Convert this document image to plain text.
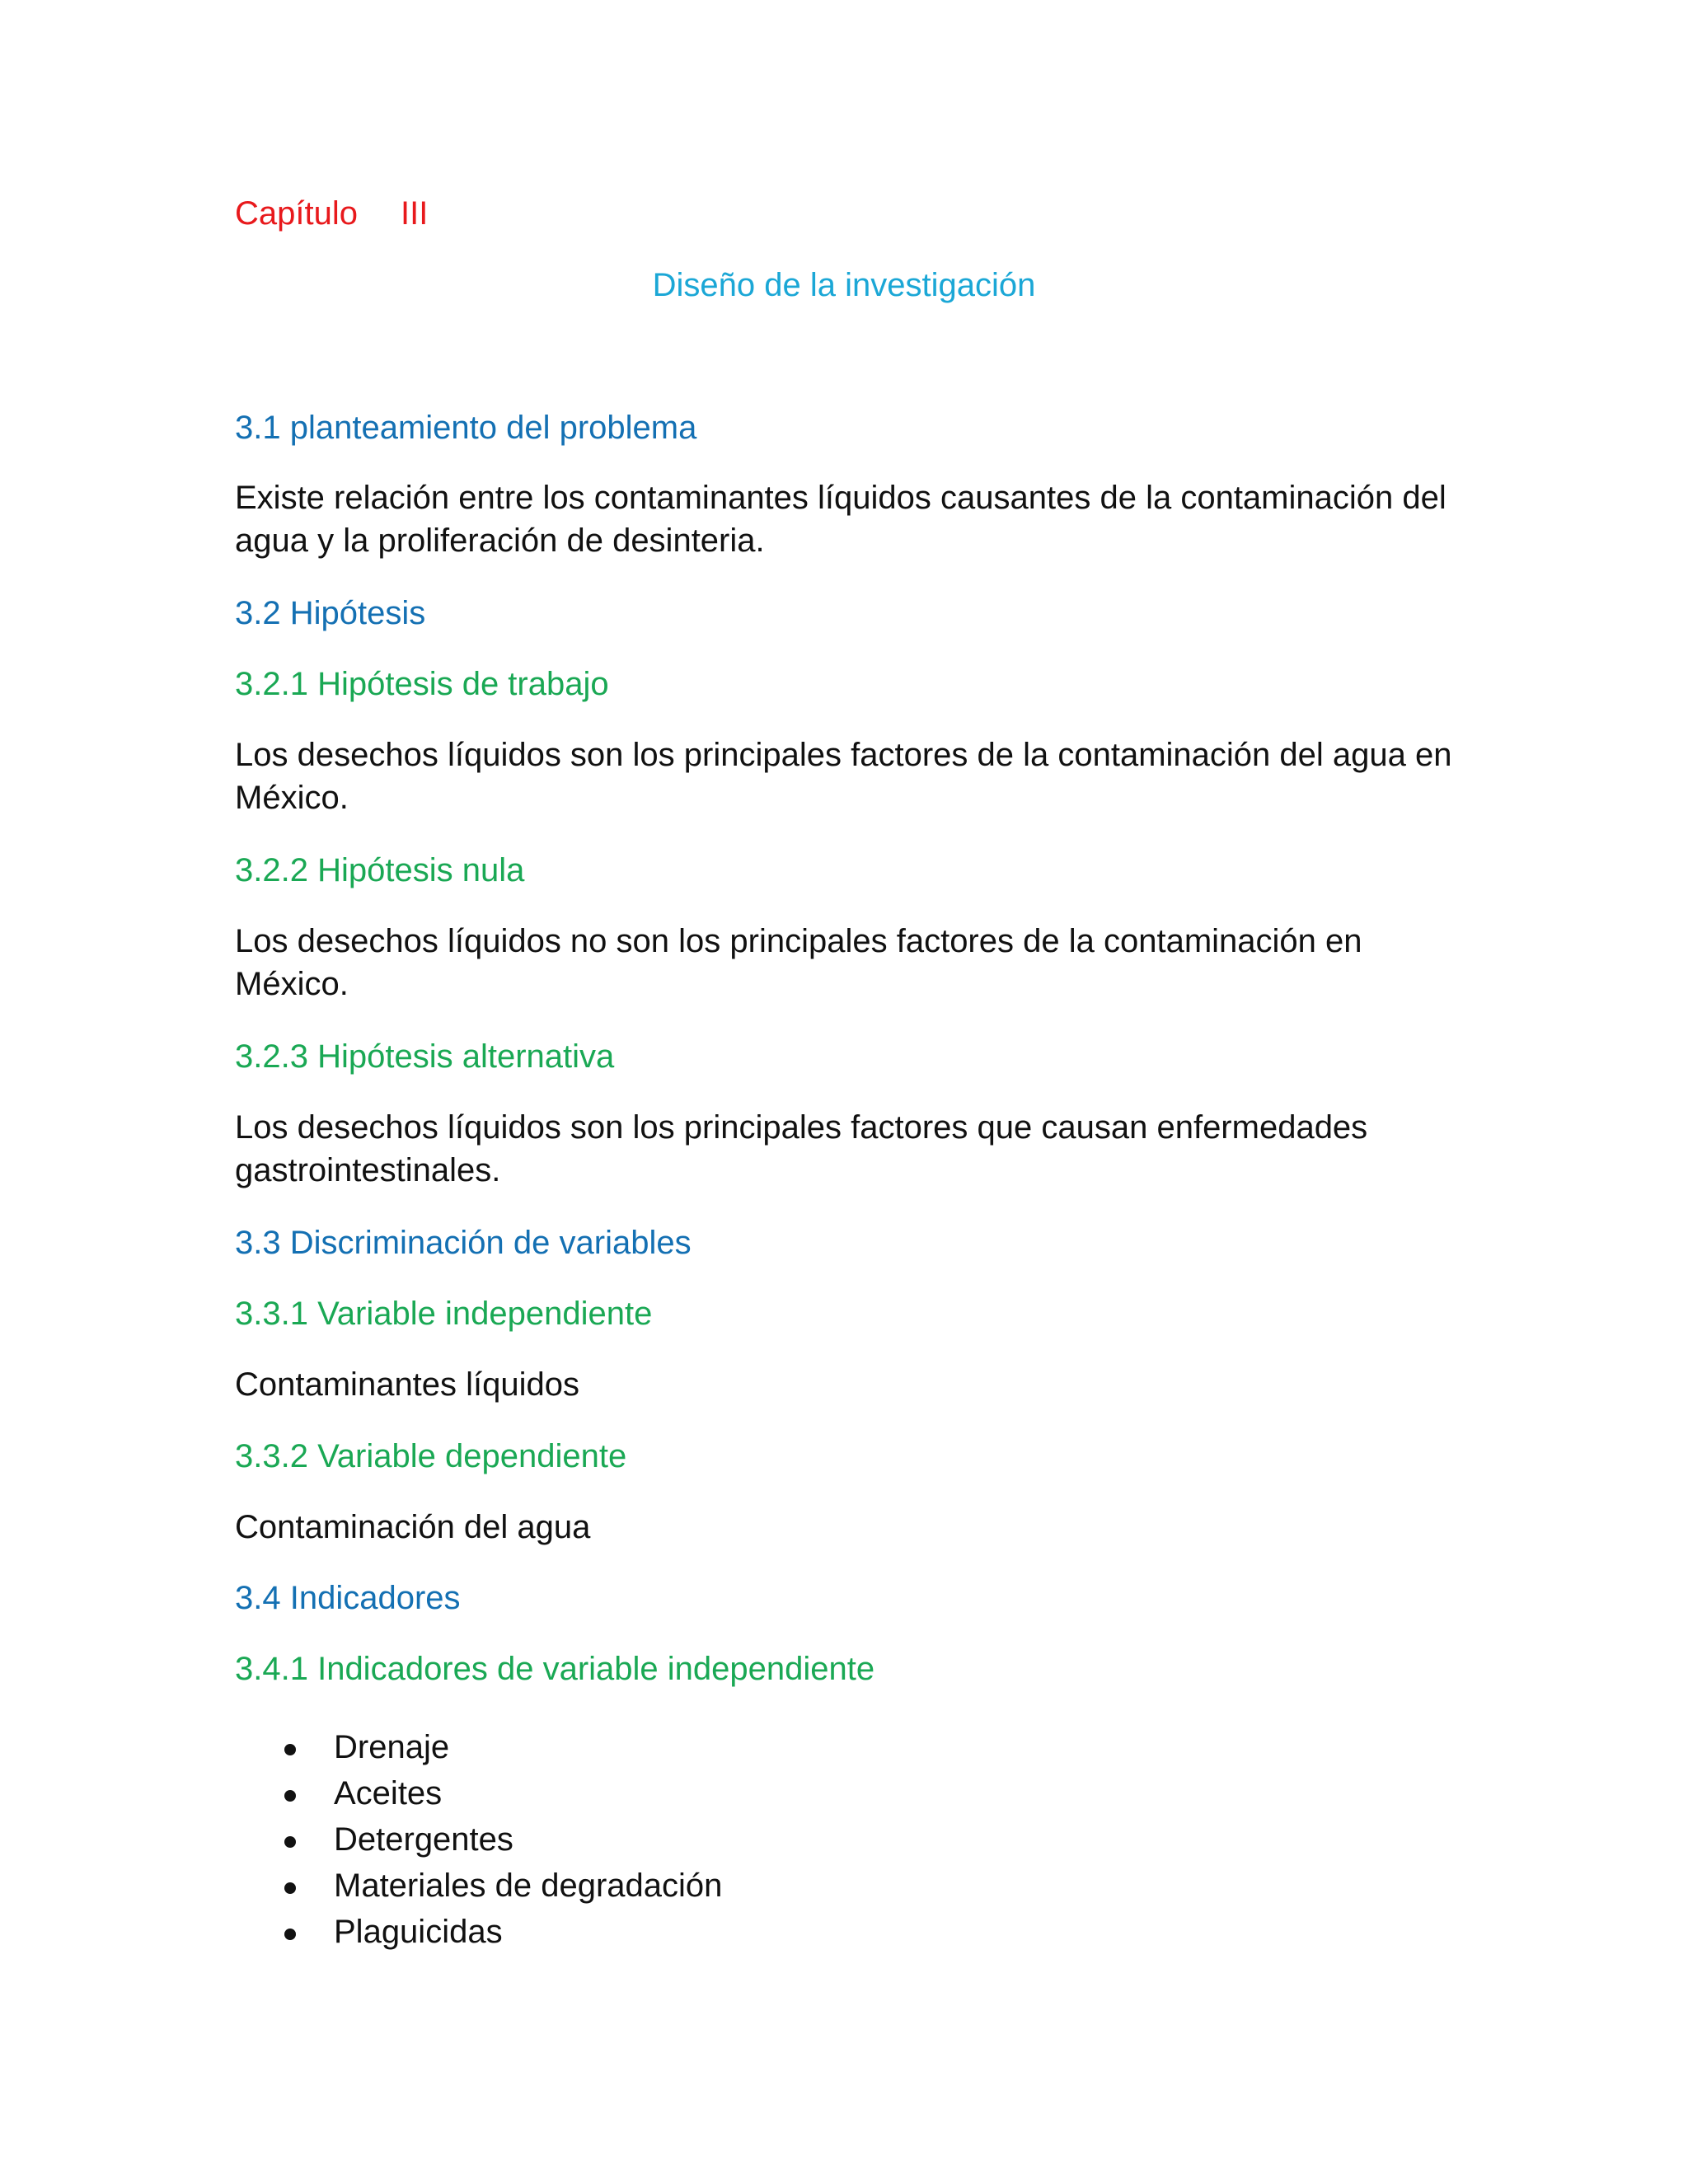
Capítulo III
Diseño de la investigación
3.1 planteamiento del problema

Existe relación entre los contaminantes líquidos causantes de la contaminación del agua y la proliferación de desinteria.

3.2 Hipótesis
3.2.1 Hipótesis de trabajo

Los desechos líquidos son los principales factores de la contaminación del agua en México.

3.2.2 Hipótesis nula

Los desechos líquidos no son los principales factores de la contaminación en México.

3.2.3 Hipótesis alternativa

Los desechos líquidos son los principales factores que causan enfermedades gastrointestinales.

3.3 Discriminación de variables
3.3.1 Variable independiente

Contaminantes líquidos

3.3.2 Variable dependiente

Contaminación del agua

3.4 Indicadores
3.4.1 Indicadores de variable independiente
Drenaje
Aceites
Detergentes
Materiales de degradación
Plaguicidas
